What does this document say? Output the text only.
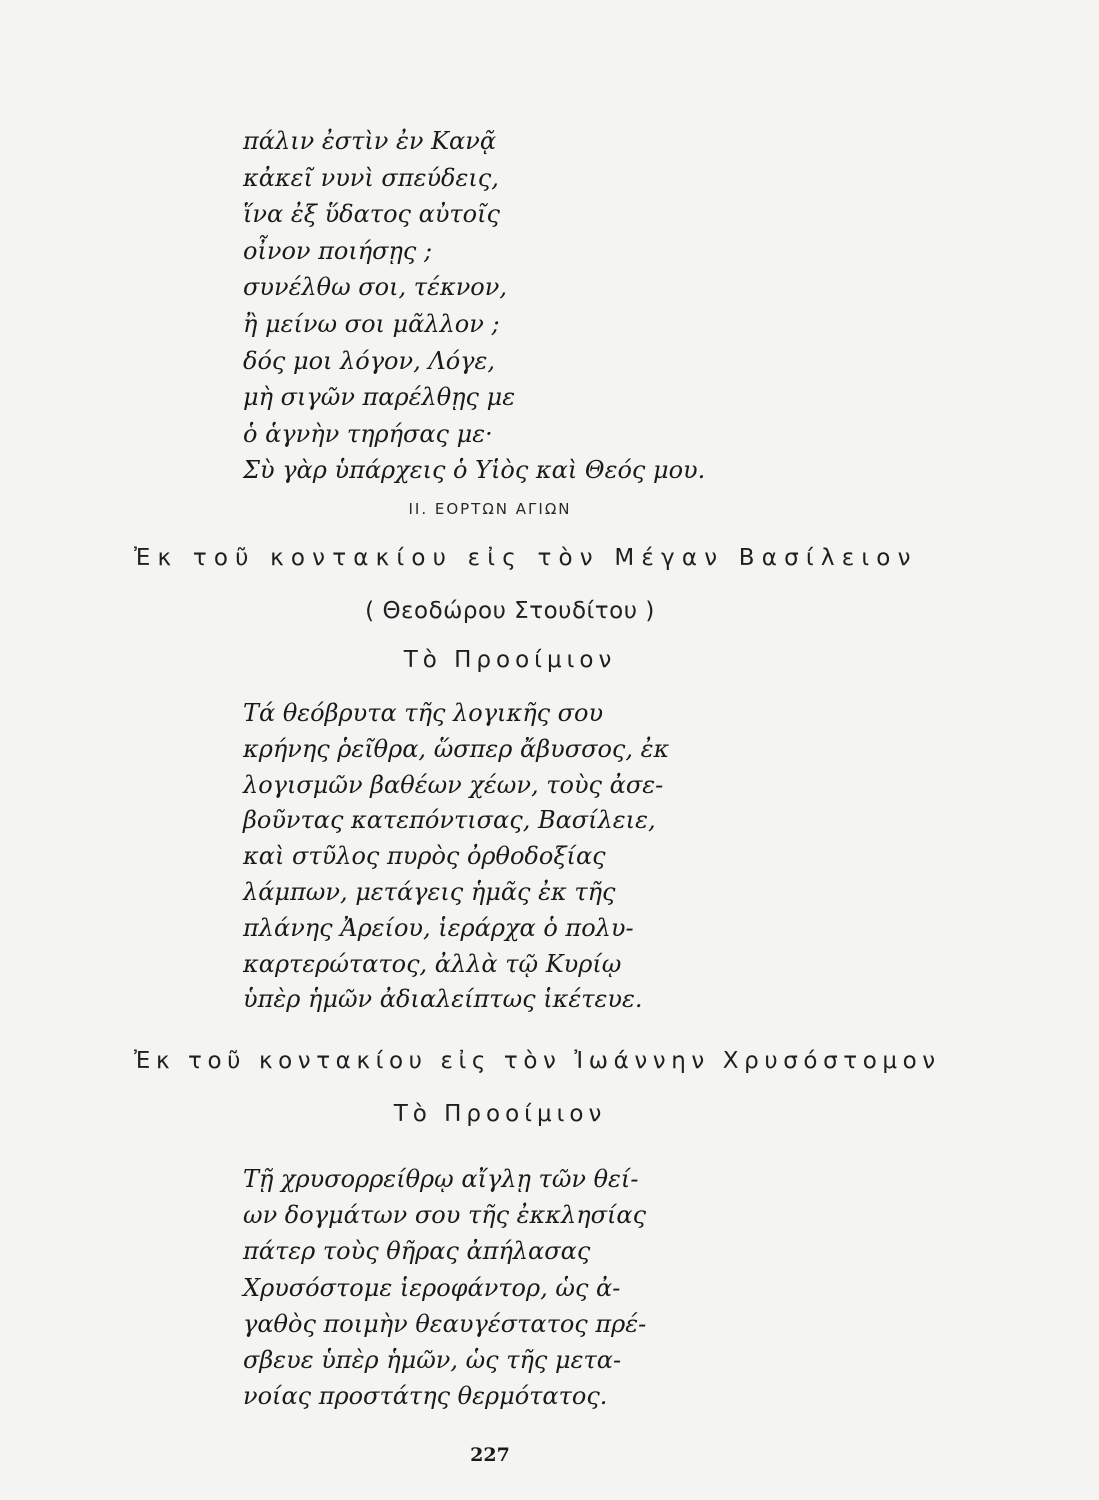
πάλιν ἐστὶν ἐν Κανᾷ
κἀκεῖ νυνὶ σπεύδεις,
ἵνα ἐξ ὕδατος αὐτοῖς
οἶνον ποιήσῃς ;
συνέλθω σοι, τέκνον,
ἢ μείνω σοι μᾶλλον ;
δός μοι λόγον, Λόγε,
μὴ σιγῶν παρέλθῃς με
ὁ ἁγνὴν τηρήσας με·
Σὺ γὰρ ὑπάρχεις ὁ Υἱὸς καὶ Θεός μου.
II. ΕΟΡΤΩΝ ΑΓΙΩΝ
Ἐκ τοῦ κοντακίου εἰς τὸν Μέγαν Βασίλειον
( Θεοδώρου Στουδίτου )
Τὸ Προοίμιον
Τά θεόβρυτα τῆς λογικῆς σου
κρήνης ῥεῖθρα, ὥσπερ ἄβυσσος, ἐκ
λογισμῶν βαθέων χέων, τοὺς ἀσε-
βοῦντας κατεπόντισας, Βασίλειε,
καὶ στῦλος πυρὸς ὀρθοδοξίας
λάμπων, μετάγεις ἡμᾶς ἐκ τῆς
πλάνης Ἀρείου, ἱεράρχα ὁ πολυ-
καρτερώτατος, ἀλλὰ τῷ Κυρίῳ
ὑπὲρ ἡμῶν ἀδιαλείπτως ἱκέτευε.
Ἐκ τοῦ κοντακίου εἰς τὸν Ἰωάννην Χρυσόστομον
Τὸ Προοίμιον
Τῇ χρυσορρείθρῳ αἴγλῃ τῶν θεί-
ων δογμάτων σου τῆς ἐκκλησίας
πάτερ τοὺς θῆρας ἀπήλασας
Χρυσόστομε ἱεροφάντορ, ὡς ἀ-
γαθὸς ποιμὴν θεαυγέστατος πρέ-
σβευε ὑπὲρ ἡμῶν, ὡς τῆς μετα-
νοίας προστάτης θερμότατος.
227
